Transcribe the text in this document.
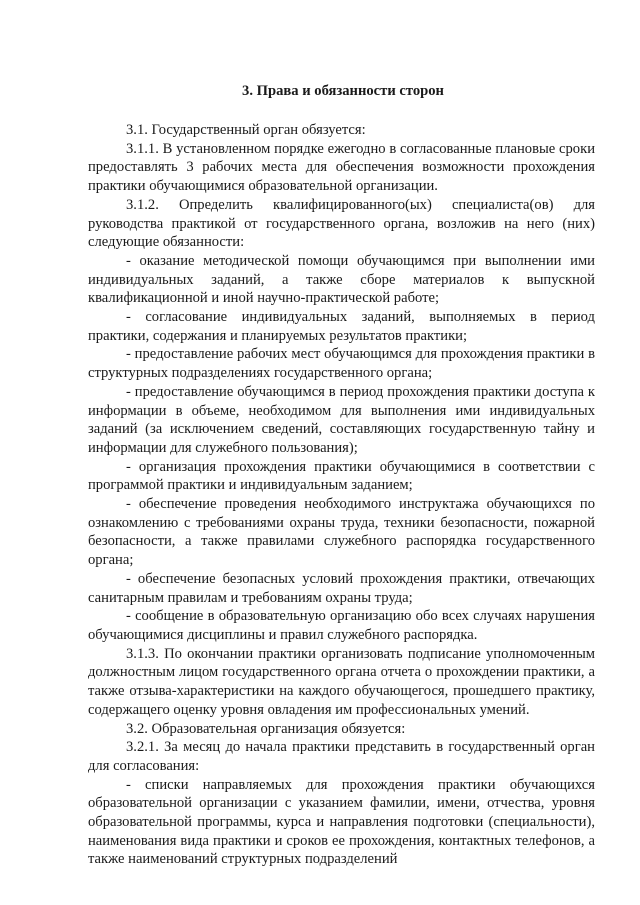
3. Права и обязанности сторон

3.1. Государственный орган обязуется:

3.1.1. В установленном порядке ежегодно в согласованные плановые сроки предоставлять 3 рабочих места для обеспечения возможности прохождения практики обучающимися образовательной организации.

3.1.2. Определить квалифицированного(ых) специалиста(ов) для руководства практикой от государственного органа, возложив на него (них) следующие обязанности:

- оказание методической помощи обучающимся при выполнении ими индивидуальных заданий, а также сборе материалов к выпускной квалификационной и иной научно-практической работе;

- согласование индивидуальных заданий, выполняемых в период практики, содержания и планируемых результатов практики;

- предоставление рабочих мест обучающимся для прохождения практики в структурных подразделениях государственного органа;

- предоставление обучающимся в период прохождения практики доступа к информации в объеме, необходимом для выполнения ими индивидуальных заданий (за исключением сведений, составляющих государственную тайну и информации для служебного пользования);

- организация прохождения практики обучающимися в соответствии с программой практики и индивидуальным заданием;

- обеспечение проведения необходимого инструктажа обучающихся по ознакомлению с требованиями охраны труда, техники безопасности, пожарной безопасности, а также правилами служебного распорядка государственного органа;

- обеспечение безопасных условий прохождения практики, отвечающих санитарным правилам и требованиям охраны труда;

- сообщение в образовательную организацию обо всех случаях нарушения обучающимися дисциплины и правил служебного распорядка.

3.1.3. По окончании практики организовать подписание уполномоченным должностным лицом государственного органа отчета о прохождении практики, а также отзыва-характеристики на каждого обучающегося, прошедшего практику, содержащего оценку уровня овладения им профессиональных умений.

3.2. Образовательная организация обязуется:

3.2.1. За месяц до начала практики представить в государственный орган для согласования:

- списки направляемых для прохождения практики обучающихся образовательной организации с указанием фамилии, имени, отчества, уровня образовательной программы, курса и направления подготовки (специальности), наименования вида практики и сроков ее прохождения, контактных телефонов, а также наименований структурных подразделений
